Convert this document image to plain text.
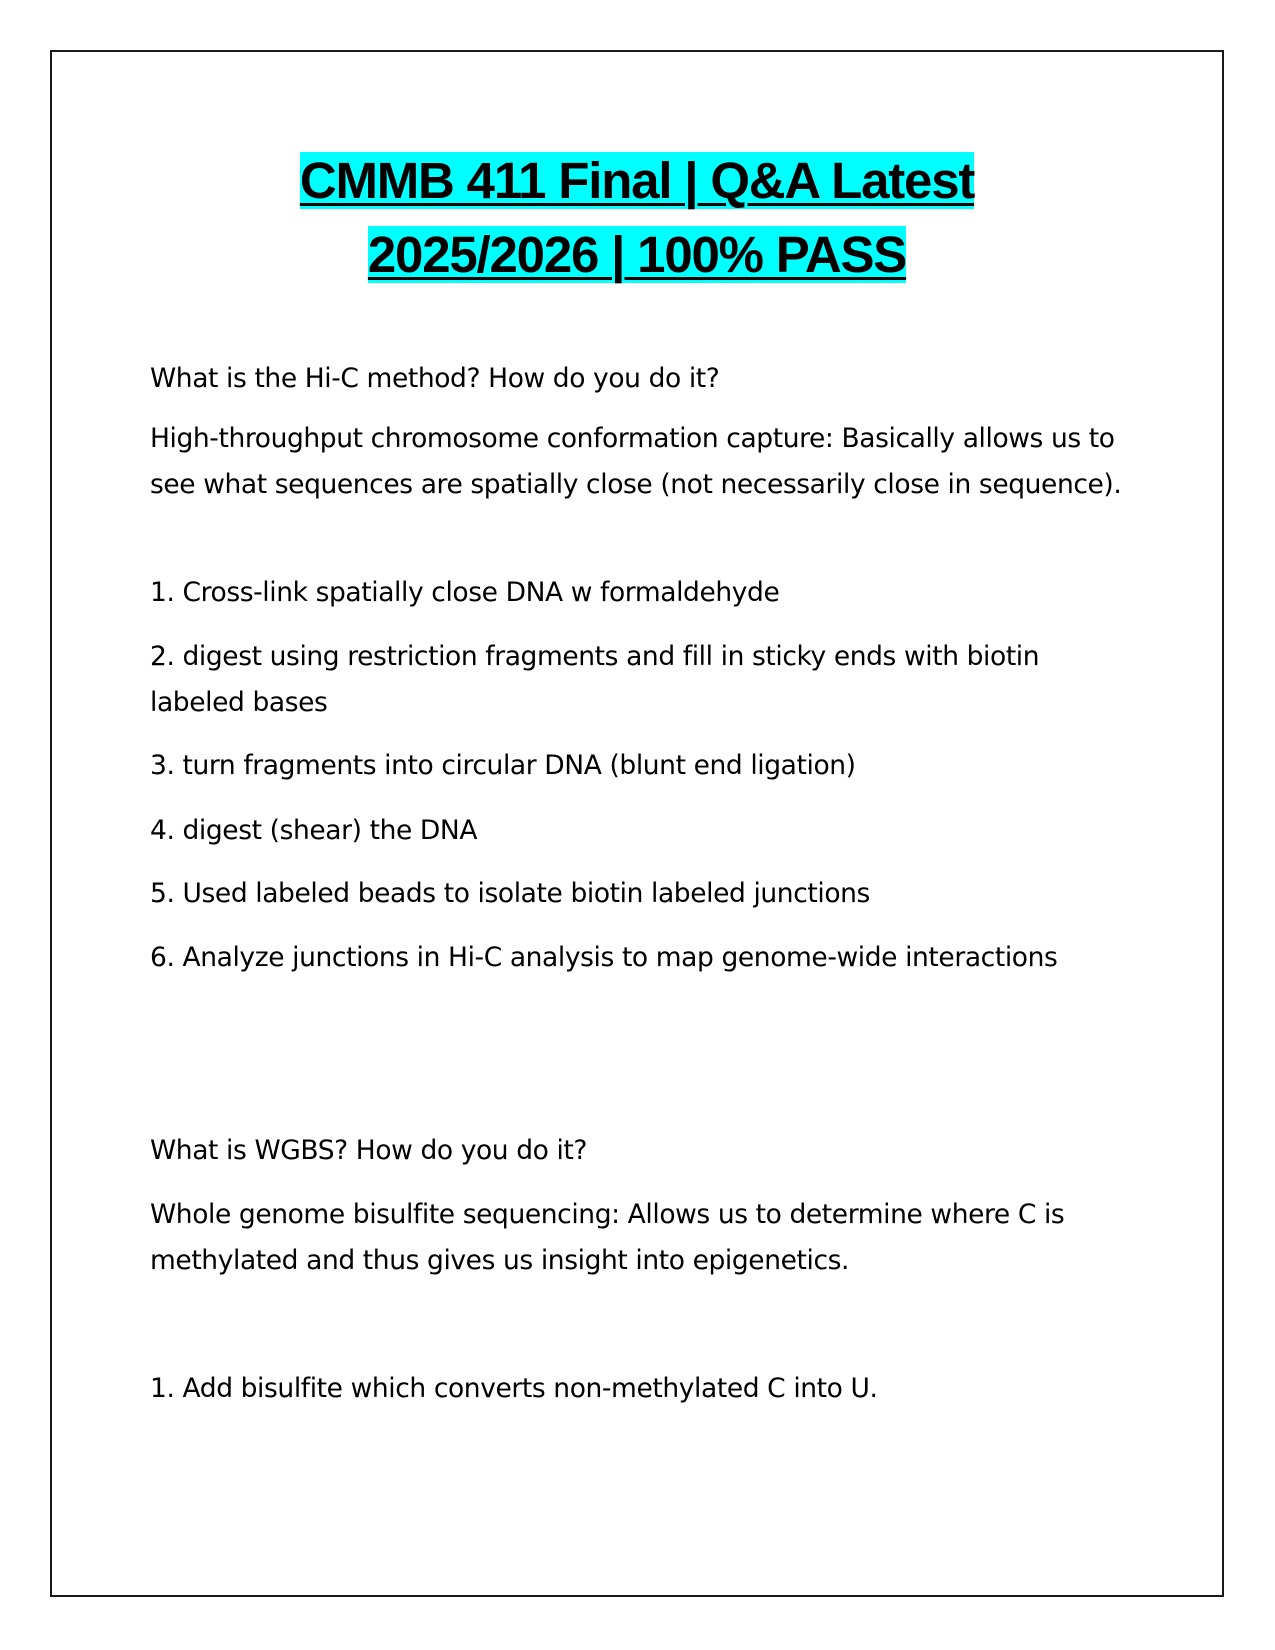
CMMB 411 Final | Q&A Latest
2025/2026 | 100% PASS

What is the Hi-C method? How do you do it?

High-throughput chromosome conformation capture: Basically allows us to see what sequences are spatially close (not necessarily close in sequence).

1. Cross-link spatially close DNA w formaldehyde

2. digest using restriction fragments and fill in sticky ends with biotin labeled bases

3. turn fragments into circular DNA (blunt end ligation)

4. digest (shear) the DNA

5. Used labeled beads to isolate biotin labeled junctions

6. Analyze junctions in Hi-C analysis to map genome-wide interactions

What is WGBS? How do you do it?

Whole genome bisulfite sequencing: Allows us to determine where C is methylated and thus gives us insight into epigenetics.

1. Add bisulfite which converts non-methylated C into U.
